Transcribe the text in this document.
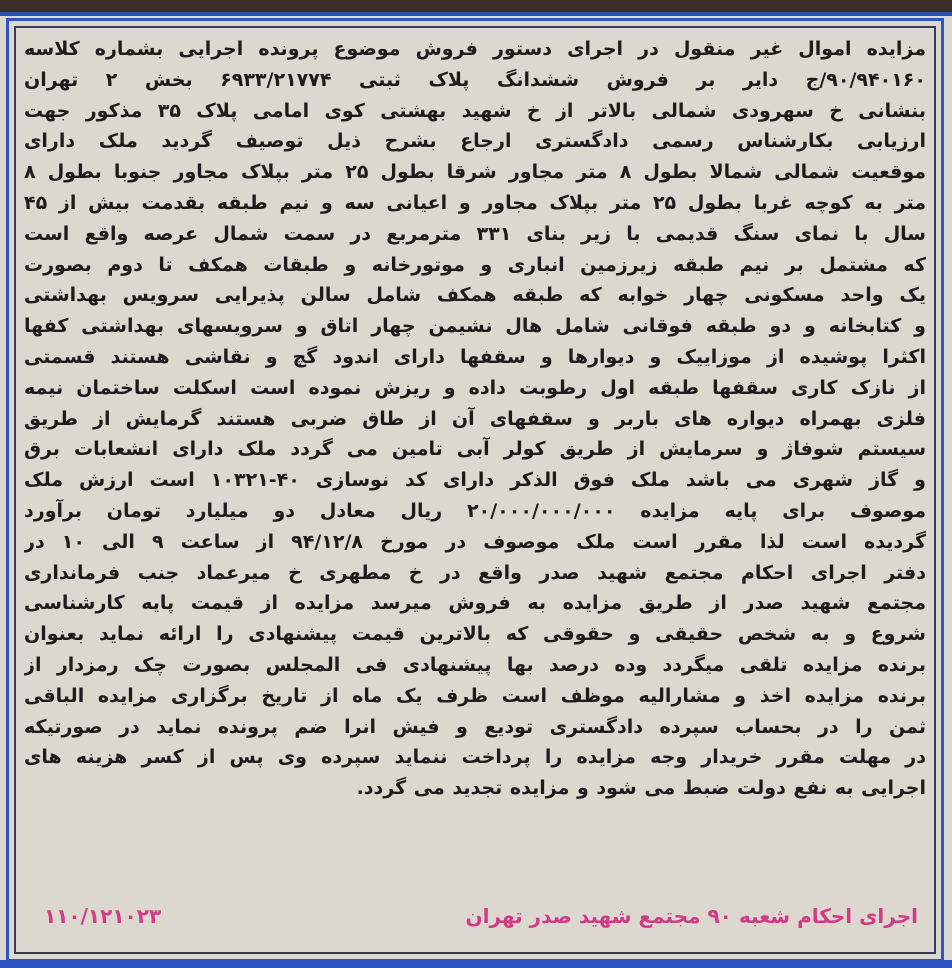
مزایده اموال غیر منقول در اجرای دستور فروش موضوع پرونده اجرایی بشماره کلاسه
۹۰/۹۴۰۱۶۰/ج دایر بر فروش ششدانگ پلاک ثبتی ۶۹۳۳/۲۱۷۷۴ بخش ۲ تهران
بنشانی خ سهرودی شمالی بالاتر از خ شهید بهشتی کوی امامی پلاک ۳۵ مذکور جهت
ارزیابی بکارشناس رسمی دادگستری ارجاع بشرح ذیل توصیف گردید ملک دارای
موقعیت شمالی شمالا بطول ۸ متر مجاور شرقا بطول ۲۵ متر بپلاک مجاور جنوبا بطول ۸
متر به کوچه غربا بطول ۲۵ متر بپلاک مجاور و اعیانی سه و نیم طبقه بقدمت بیش از ۴۵
سال با نمای سنگ قدیمی با زیر بنای ۳۳۱ مترمربع در سمت شمال عرصه واقع است
که مشتمل بر نیم طبقه زیرزمین انباری و موتورخانه و طبقات همکف تا دوم بصورت
یک واحد مسکونی چهار خوابه که طبقه همکف شامل سالن پذیرایی سرویس بهداشتی
و کتابخانه و دو طبقه فوقانی شامل هال نشیمن چهار اتاق و سرویسهای بهداشتی کفها
اکثرا پوشیده از موزاییک و دیوارها و سقفها دارای اندود گچ و نقاشی هستند قسمتی
از نازک کاری سقفها طبقه اول رطوبت داده و ریزش نموده است اسکلت ساختمان نیمه
فلزی بهمراه دیواره های باربر و سقفهای آن از طاق ضربی هستند گرمایش از طریق
سیستم شوفاژ و سرمایش از طریق کولر آبی تامین می گردد ملک دارای انشعابات برق
و گاز شهری می باشد ملک فوق الذکر دارای کد نوسازی ۴۰-۱۰۳۲۱ است ارزش ملک
موصوف برای پایه مزایده ۲۰/۰۰۰/۰۰۰/۰۰۰ ریال معادل دو میلیارد تومان برآورد
گردیده است لذا مقرر است ملک موصوف در مورخ ۹۴/۱۲/۸ از ساعت ۹ الی ۱۰ در
دفتر اجرای احکام مجتمع شهید صدر واقع در خ مطهری خ میرعماد جنب فرمانداری
مجتمع شهید صدر از طریق مزایده به فروش میرسد مزایده از قیمت پایه کارشناسی
شروع و به شخص حقیقی و حقوقی که بالاترین قیمت پیشنهادی را ارائه نماید بعنوان
برنده مزایده تلقی میگردد وده درصد بها پیشنهادی فی المجلس بصورت چک رمزدار از
برنده مزایده اخذ و مشارالیه موظف است ظرف یک ماه از تاریخ برگزاری مزایده الباقی
ثمن را در بحساب سپرده دادگستری تودیع و فیش انرا ضم پرونده نماید در صورتیکه
در مهلت مقرر خریدار وجه مزایده را پرداخت ننماید سپرده وی پس از کسر هزینه های
اجرایی به نفع دولت ضبط می شود و مزایده تجدید می گردد.
اجرای احکام شعبه ۹۰ مجتمع شهید صدر تهران
۱۱۰/۱۲۱۰۲۳
